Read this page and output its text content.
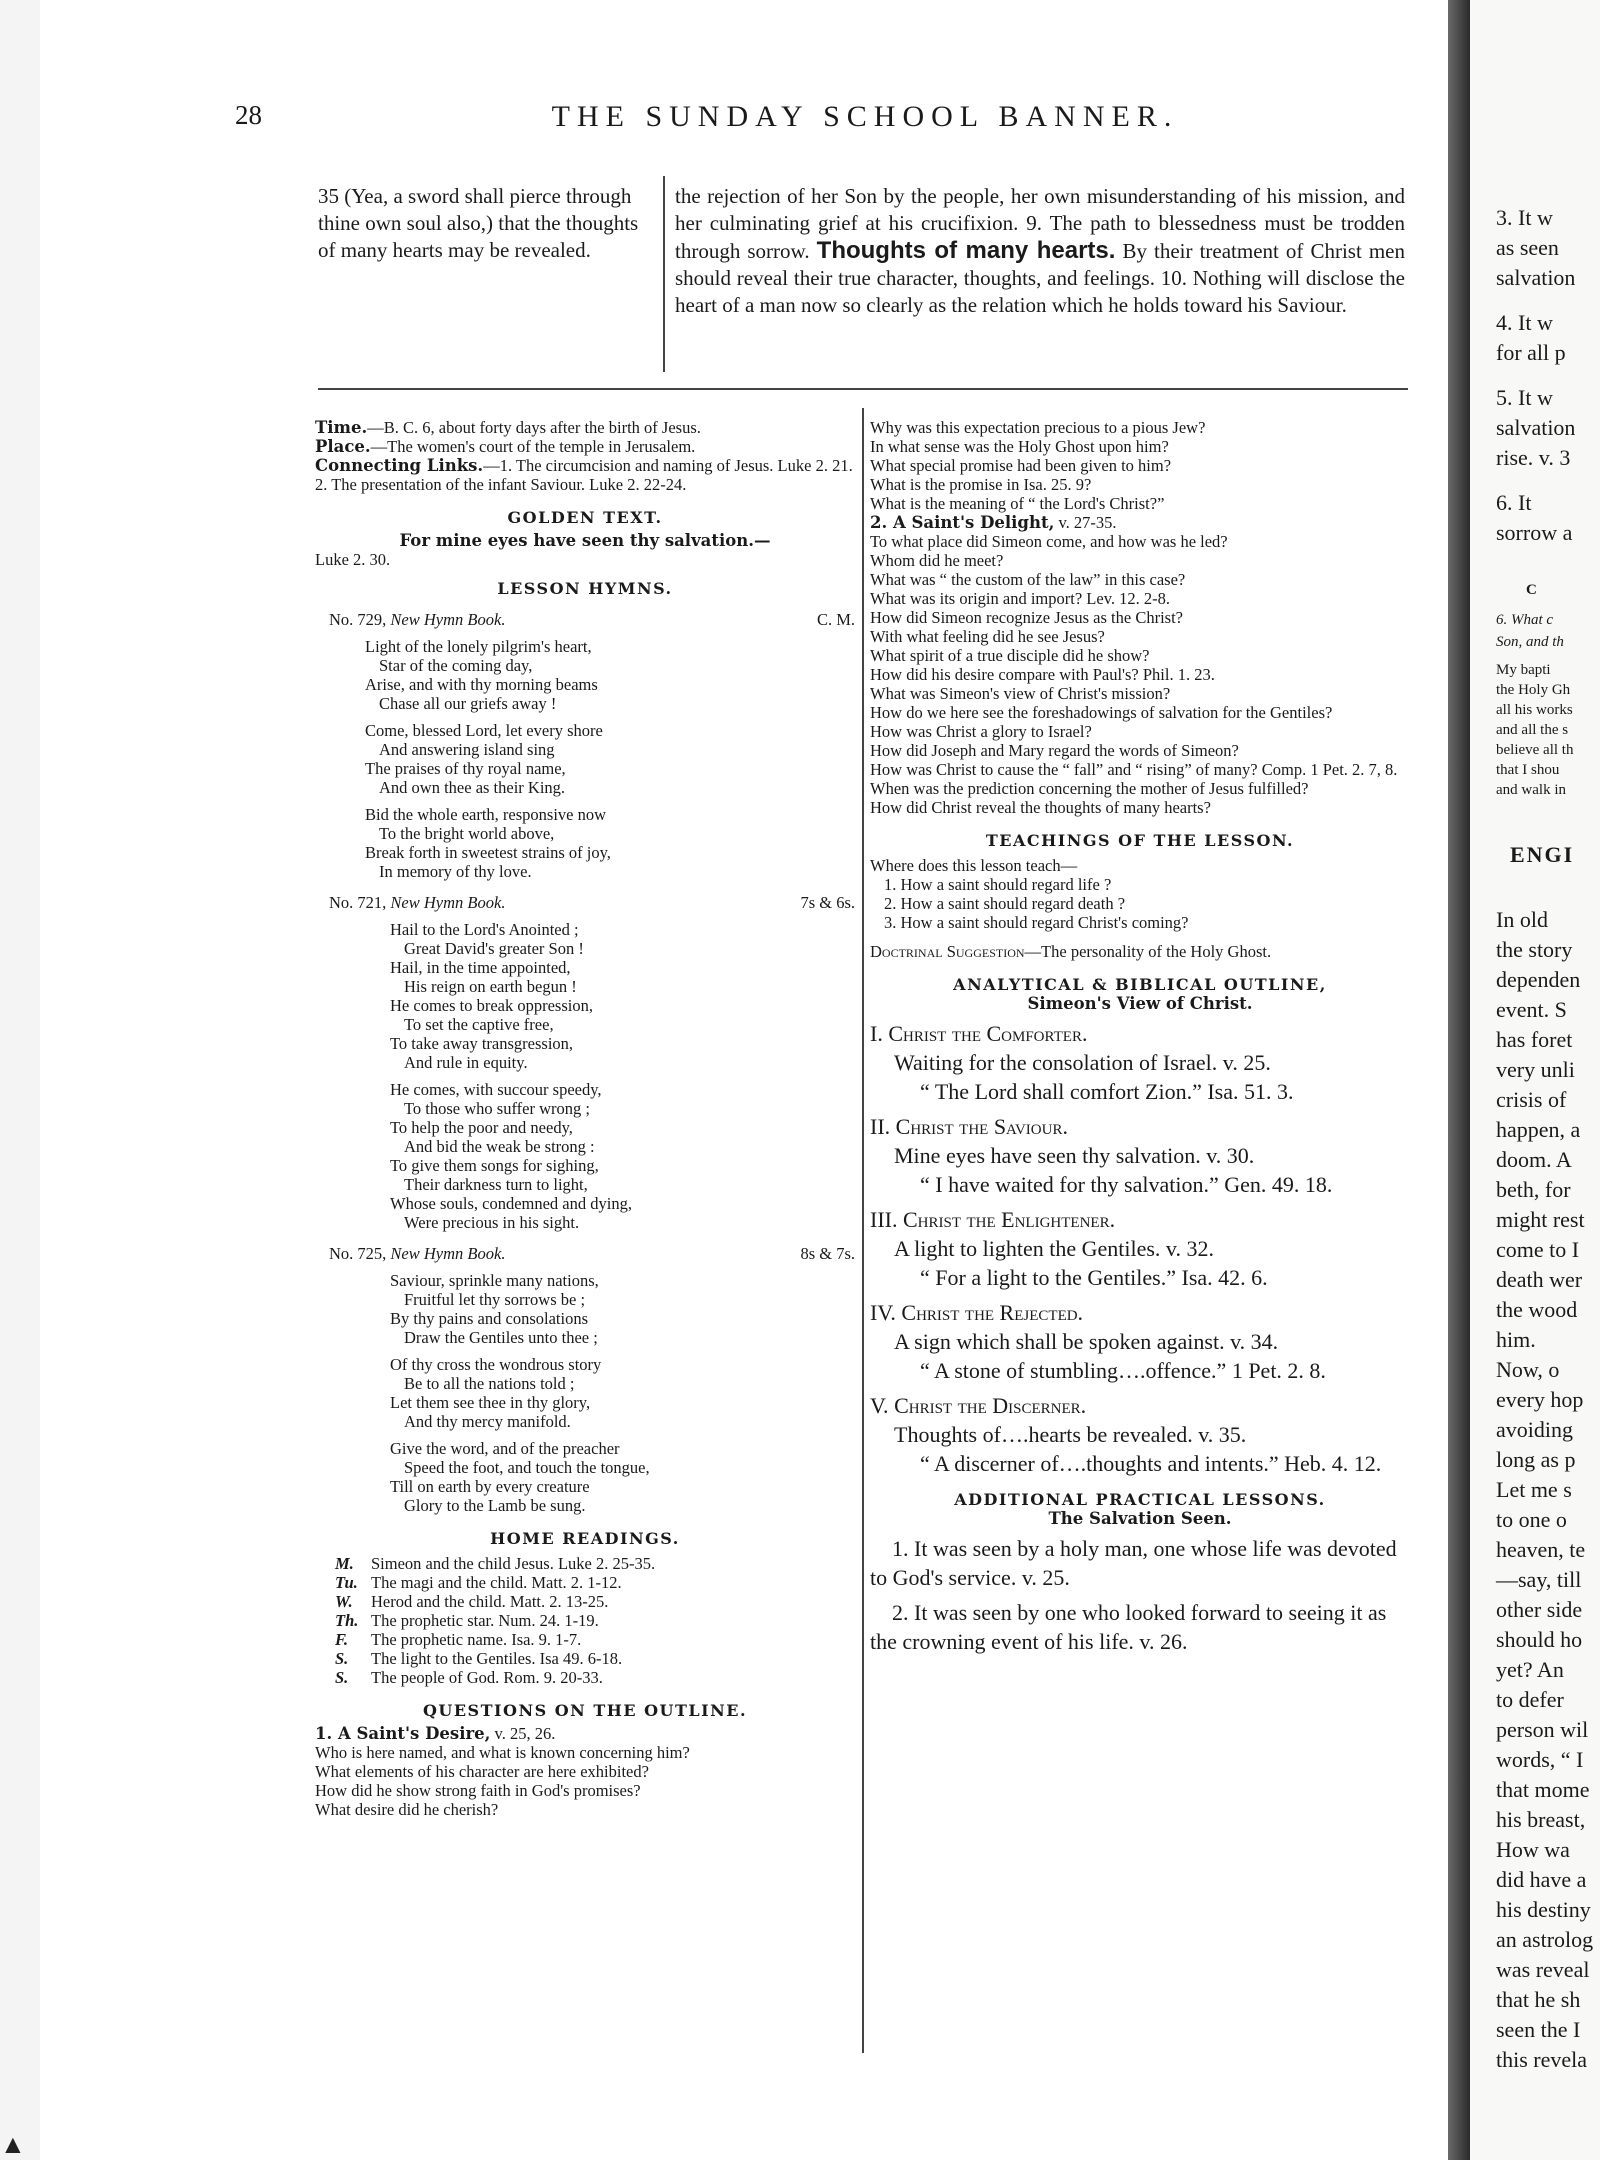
28	THE SUNDAY SCHOOL BANNER.
35 (Yea, a sword shall pierce through thine own soul also,) that the thoughts of many hearts may be revealed.
the rejection of her Son by the people, her own misunderstanding of his mission, and her culminating grief at his crucifixion. 9. The path to blessedness must be trodden through sorrow. Thoughts of many hearts. By their treatment of Christ men should reveal their true character, thoughts, and feelings. 10. Nothing will disclose the heart of a man now so clearly as the relation which he holds toward his Saviour.
Time.—B. C. 6, about forty days after the birth of Jesus.
Place.—The women's court of the temple in Jerusalem.
Connecting Links.—1. The circumcision and naming of Jesus. Luke 2. 21. 2. The presentation of the infant Saviour. Luke 2. 22-24.
GOLDEN TEXT.
For mine eyes have seen thy salvation.—
Luke 2. 30.
LESSON HYMNS.
No. 729, New Hymn Book.	C. M.
Light of the lonely pilgrim's heart,
Star of the coming day,
Arise, and with thy morning beams
Chase all our griefs away !
Come, blessed Lord, let every shore
And answering island sing
The praises of thy royal name,
And own thee as their King.
Bid the whole earth, responsive now
To the bright world above,
Break forth in sweetest strains of joy,
In memory of thy love.
No. 721, New Hymn Book.	7s & 6s.
Hail to the Lord's Anointed ;
Great David's greater Son !
Hail, in the time appointed,
His reign on earth begun !
He comes to break oppression,
To set the captive free,
To take away transgression,
And rule in equity.
He comes, with succour speedy,
To those who suffer wrong ;
To help the poor and needy,
And bid the weak be strong :
To give them songs for sighing,
Their darkness turn to light,
Whose souls, condemned and dying,
Were precious in his sight.
No. 725, New Hymn Book.	8s & 7s.
Saviour, sprinkle many nations,
Fruitful let thy sorrows be ;
By thy pains and consolations
Draw the Gentiles unto thee ;
Of thy cross the wondrous story
Be to all the nations told ;
Let them see thee in thy glory,
And thy mercy manifold.
Give the word, and of the preacher
Speed the foot, and touch the tongue,
Till on earth by every creature
Glory to the Lamb be sung.
HOME READINGS.
M. Simeon and the child Jesus. Luke 2. 25-35.
Tu. The magi and the child. Matt. 2. 1-12.
W. Herod and the child. Matt. 2. 13-25.
Th. The prophetic star. Num. 24. 1-19.
F. The prophetic name. Isa. 9. 1-7.
S. The light to the Gentiles. Isa 49. 6-18.
S. The people of God. Rom. 9. 20-33.
QUESTIONS ON THE OUTLINE.
1. A Saint's Desire, v. 25, 26.
Who is here named, and what is known concerning him?
What elements of his character are here exhibited?
How did he show strong faith in God's promises?
What desire did he cherish?
Why was this expectation precious to a pious Jew?
In what sense was the Holy Ghost upon him?
What special promise had been given to him?
What is the promise in Isa. 25. 9?
What is the meaning of “ the Lord's Christ?”
2. A Saint's Delight, v. 27-35.
To what place did Simeon come, and how was he led?
Whom did he meet?
What was “ the custom of the law” in this case?
What was its origin and import? Lev. 12. 2-8.
How did Simeon recognize Jesus as the Christ?
With what feeling did he see Jesus?
What spirit of a true disciple did he show?
How did his desire compare with Paul's? Phil. 1. 23.
What was Simeon's view of Christ's mission?
How do we here see the foreshadowings of salvation for the Gentiles?
How was Christ a glory to Israel?
How did Joseph and Mary regard the words of Simeon?
How was Christ to cause the “ fall” and “ rising” of many? Comp. 1 Pet. 2. 7, 8.
When was the prediction concerning the mother of Jesus fulfilled?
How did Christ reveal the thoughts of many hearts?
TEACHINGS OF THE LESSON.
Where does this lesson teach—
1. How a saint should regard life ?
2. How a saint should regard death ?
3. How a saint should regard Christ's coming?
Doctrinal Suggestion—The personality of the Holy Ghost.
ANALYTICAL & BIBLICAL OUTLINE,
Simeon's View of Christ.
I. Christ the Comforter.
Waiting for the consolation of Israel. v. 25.
“ The Lord shall comfort Zion.” Isa. 51. 3.
II. Christ the Saviour.
Mine eyes have seen thy salvation. v. 30.
“ I have waited for thy salvation.” Gen. 49. 18.
III. Christ the Enlightener.
A light to lighten the Gentiles. v. 32.
“ For a light to the Gentiles.” Isa. 42. 6.
IV. Christ the Rejected.
A sign which shall be spoken against. v. 34.
“ A stone of stumbling….offence.” 1 Pet. 2. 8.
V. Christ the Discerner.
Thoughts of….hearts be revealed. v. 35.
“ A discerner of….thoughts and intents.” Heb. 4. 12.
ADDITIONAL PRACTICAL LESSONS.
The Salvation Seen.
1. It was seen by a holy man, one whose life was devoted to God's service. v. 25.
2. It was seen by one who looked forward to seeing it as the crowning event of his life. v. 26.
3. It w
as seen
salvation
4. It w
for all p
5. It w
salvation
rise. v. 3
6. It
sorrow a
C
6. What c
Son, and th
My bapti
the Holy Gh
all his works
and all the s
believe all th
that I shou
and walk in
ENGI
In old
the story
dependen
event. S
has foret
very unli
crisis of
happen, a
doom. A
beth, for
might rest
come to I
death wer
the wood
him.
Now, o
every hop
avoiding
long as p
Let me s
to one o
heaven, te
—say, till
other side
should ho
yet? An
to defer
person wil
words, “ I
that mome
his breast,
How wa
did have a
his destiny
an astrolog
was reveal
that he sh
seen the I
this revela
▲
